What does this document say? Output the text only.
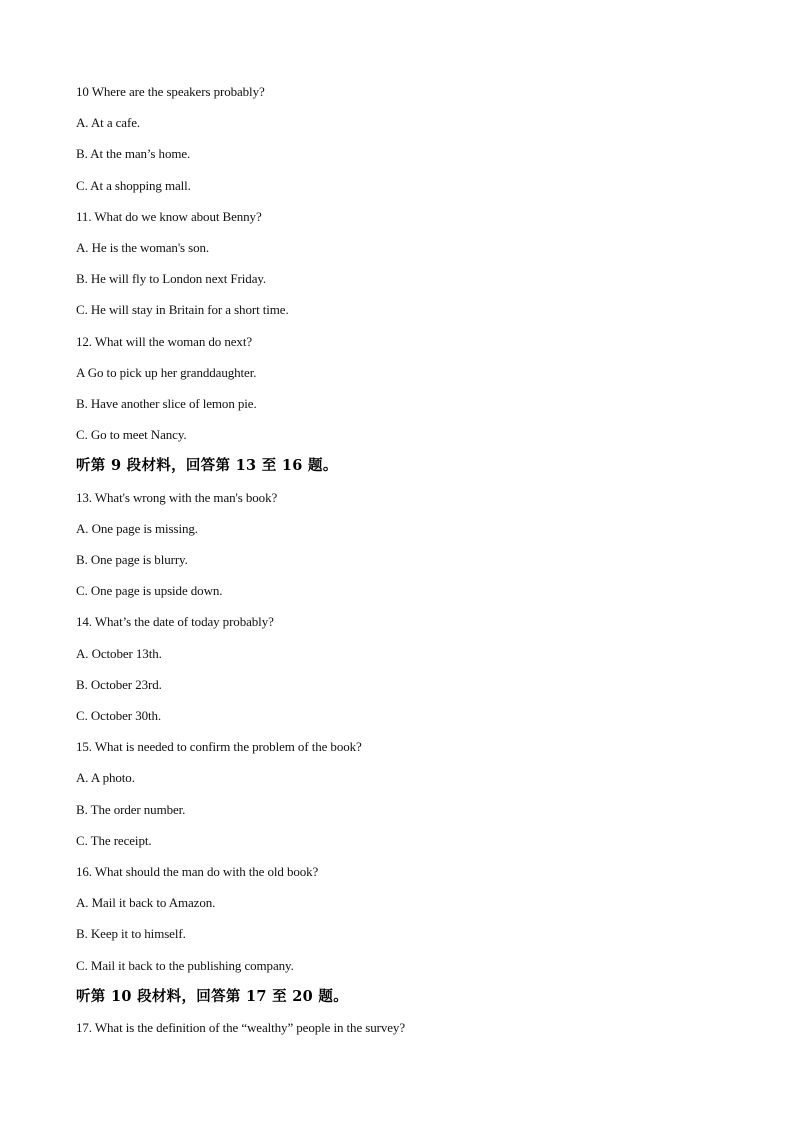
10 Where are the speakers probably?
A. At a cafe.
B. At the man’s home.
C. At a shopping mall.
11. What do we know about Benny?
A. He is the woman's son.
B. He will fly to London next Friday.
C. He will stay in Britain for a short time.
12. What will the woman do next?
A Go to pick up her granddaughter.
B. Have another slice of lemon pie.
C. Go to meet Nancy.
听第 9 段材料，回答第 13 至 16 题。
13. What's wrong with the man's book?
A. One page is missing.
B. One page is blurry.
C. One page is upside down.
14. What’s the date of today probably?
A. October 13th.
B. October 23rd.
C. October 30th.
15. What is needed to confirm the problem of the book?
A. A photo.
B. The order number.
C. The receipt.
16. What should the man do with the old book?
A. Mail it back to Amazon.
B. Keep it to himself.
C. Mail it back to the publishing company.
听第 10 段材料，回答第 17 至 20 题。
17. What is the definition of the “wealthy” people in the survey?
